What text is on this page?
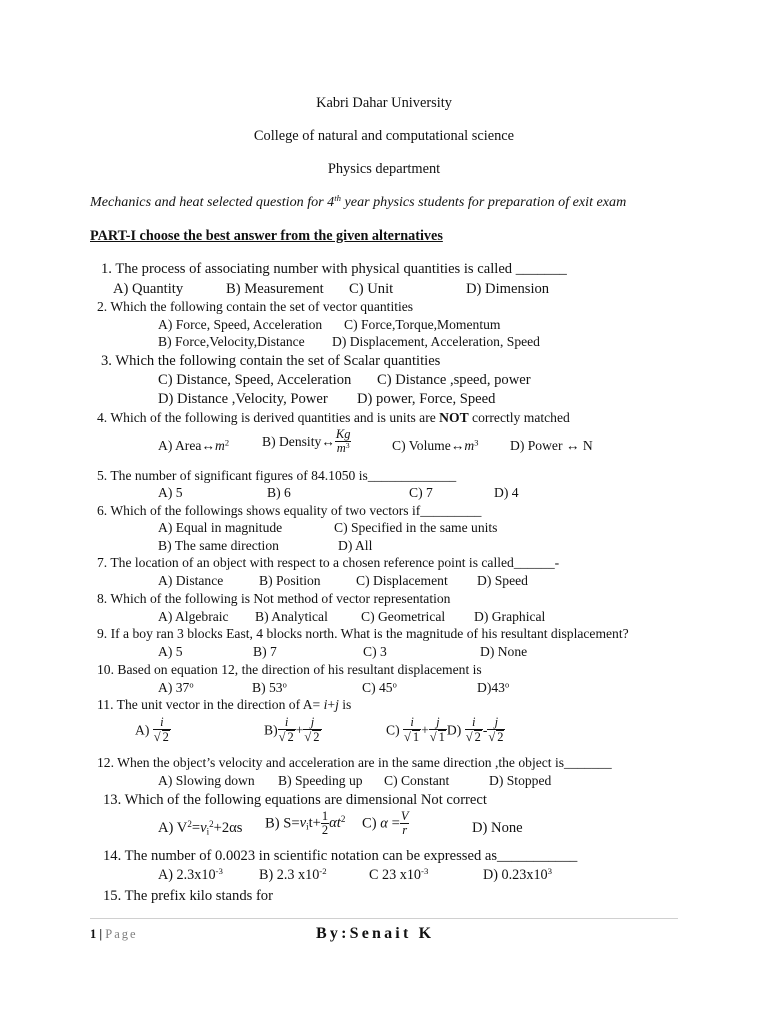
Kabri Dahar University
College of natural and computational science
Physics department
Mechanics and heat selected question for 4th year physics students for preparation of exit exam
PART-I choose the best answer from the given alternatives
1. The process of associating number with physical quantities is called _______
A) Quantity	B) Measurement C) Unit	D) Dimension
2. Which the following contain the set of vector quantities
A) Force, Speed, Acceleration C) Force,Torque,Momentum
B) Force,Velocity,Distance D) Displacement, Acceleration, Speed
3. Which the following contain the set of Scalar quantities
C) Distance, Speed, Acceleration C) Distance ,speed, power
D) Distance ,Velocity, Power D) power, Force, Speed
4. Which of the following is derived quantities and is units are NOT correctly matched
A) $Area\leftrightarrow m^2$ B) Density↔ $\frac{Kg}{m^3}$	C) $Volume\leftrightarrow m^3$ D) Power ↔ N
5. The number of significant figures of 84.1050 is_____________
A) 5	B) 6	C) 7	D) 4
6. Which of the followings shows equality of two vectors if_________
A) Equal in magnitude	C) Specified in the same units
B) The same direction	D) All
7. The location of an object with respect to a chosen reference point is called______-
A) Distance	B) Position	C) Displacement D) Speed
8. Which of the following is Not method of vector representation
A) Algebraic B) Analytical C) Geometrical D) Graphical
9. If a boy ran 3 blocks East, 4 blocks north. What is the magnitude of his resultant displacement?
A) 5	B) 7	C) 3	D) None
10. Based on equation 12, the direction of his resultant displacement is
A) 37$^o$	B) 53$^o$	C) 45$^o$	D)43$^o$
11. The unit vector in the direction of A= i+j is
$A) \frac{i}{√ 2}$	$B) \frac{i}{√ 2} + \frac{j}{√ 2}$	$C) \frac{i}{√ 1} + \frac{j}{√ 1} D) \frac{i}{√ 2} - \frac{j}{√ 2}$
12. When the object’s velocity and acceleration are in the same direction ,the object is_______
A) Slowing down B) Speeding up C) Constant	D) Stopped
13. Which of the following equations are dimensional Not correct
A) $V^2=v_i^2+2\alpha s$ B) $S=v_it+ \frac{1}{2} \alpha t^2$ C) $\alpha = \frac{V}{r}$	D) None
14. The number of 0.0023 in scientific notation can be expressed as___________
A) $2.3x10^{-3}$	B) 2.3 $x10^{-2}$	C 23 $x10^{-3}$	D) $0.23x10^3$
15. The prefix kilo stands for
1 | Page	By:Senait K
